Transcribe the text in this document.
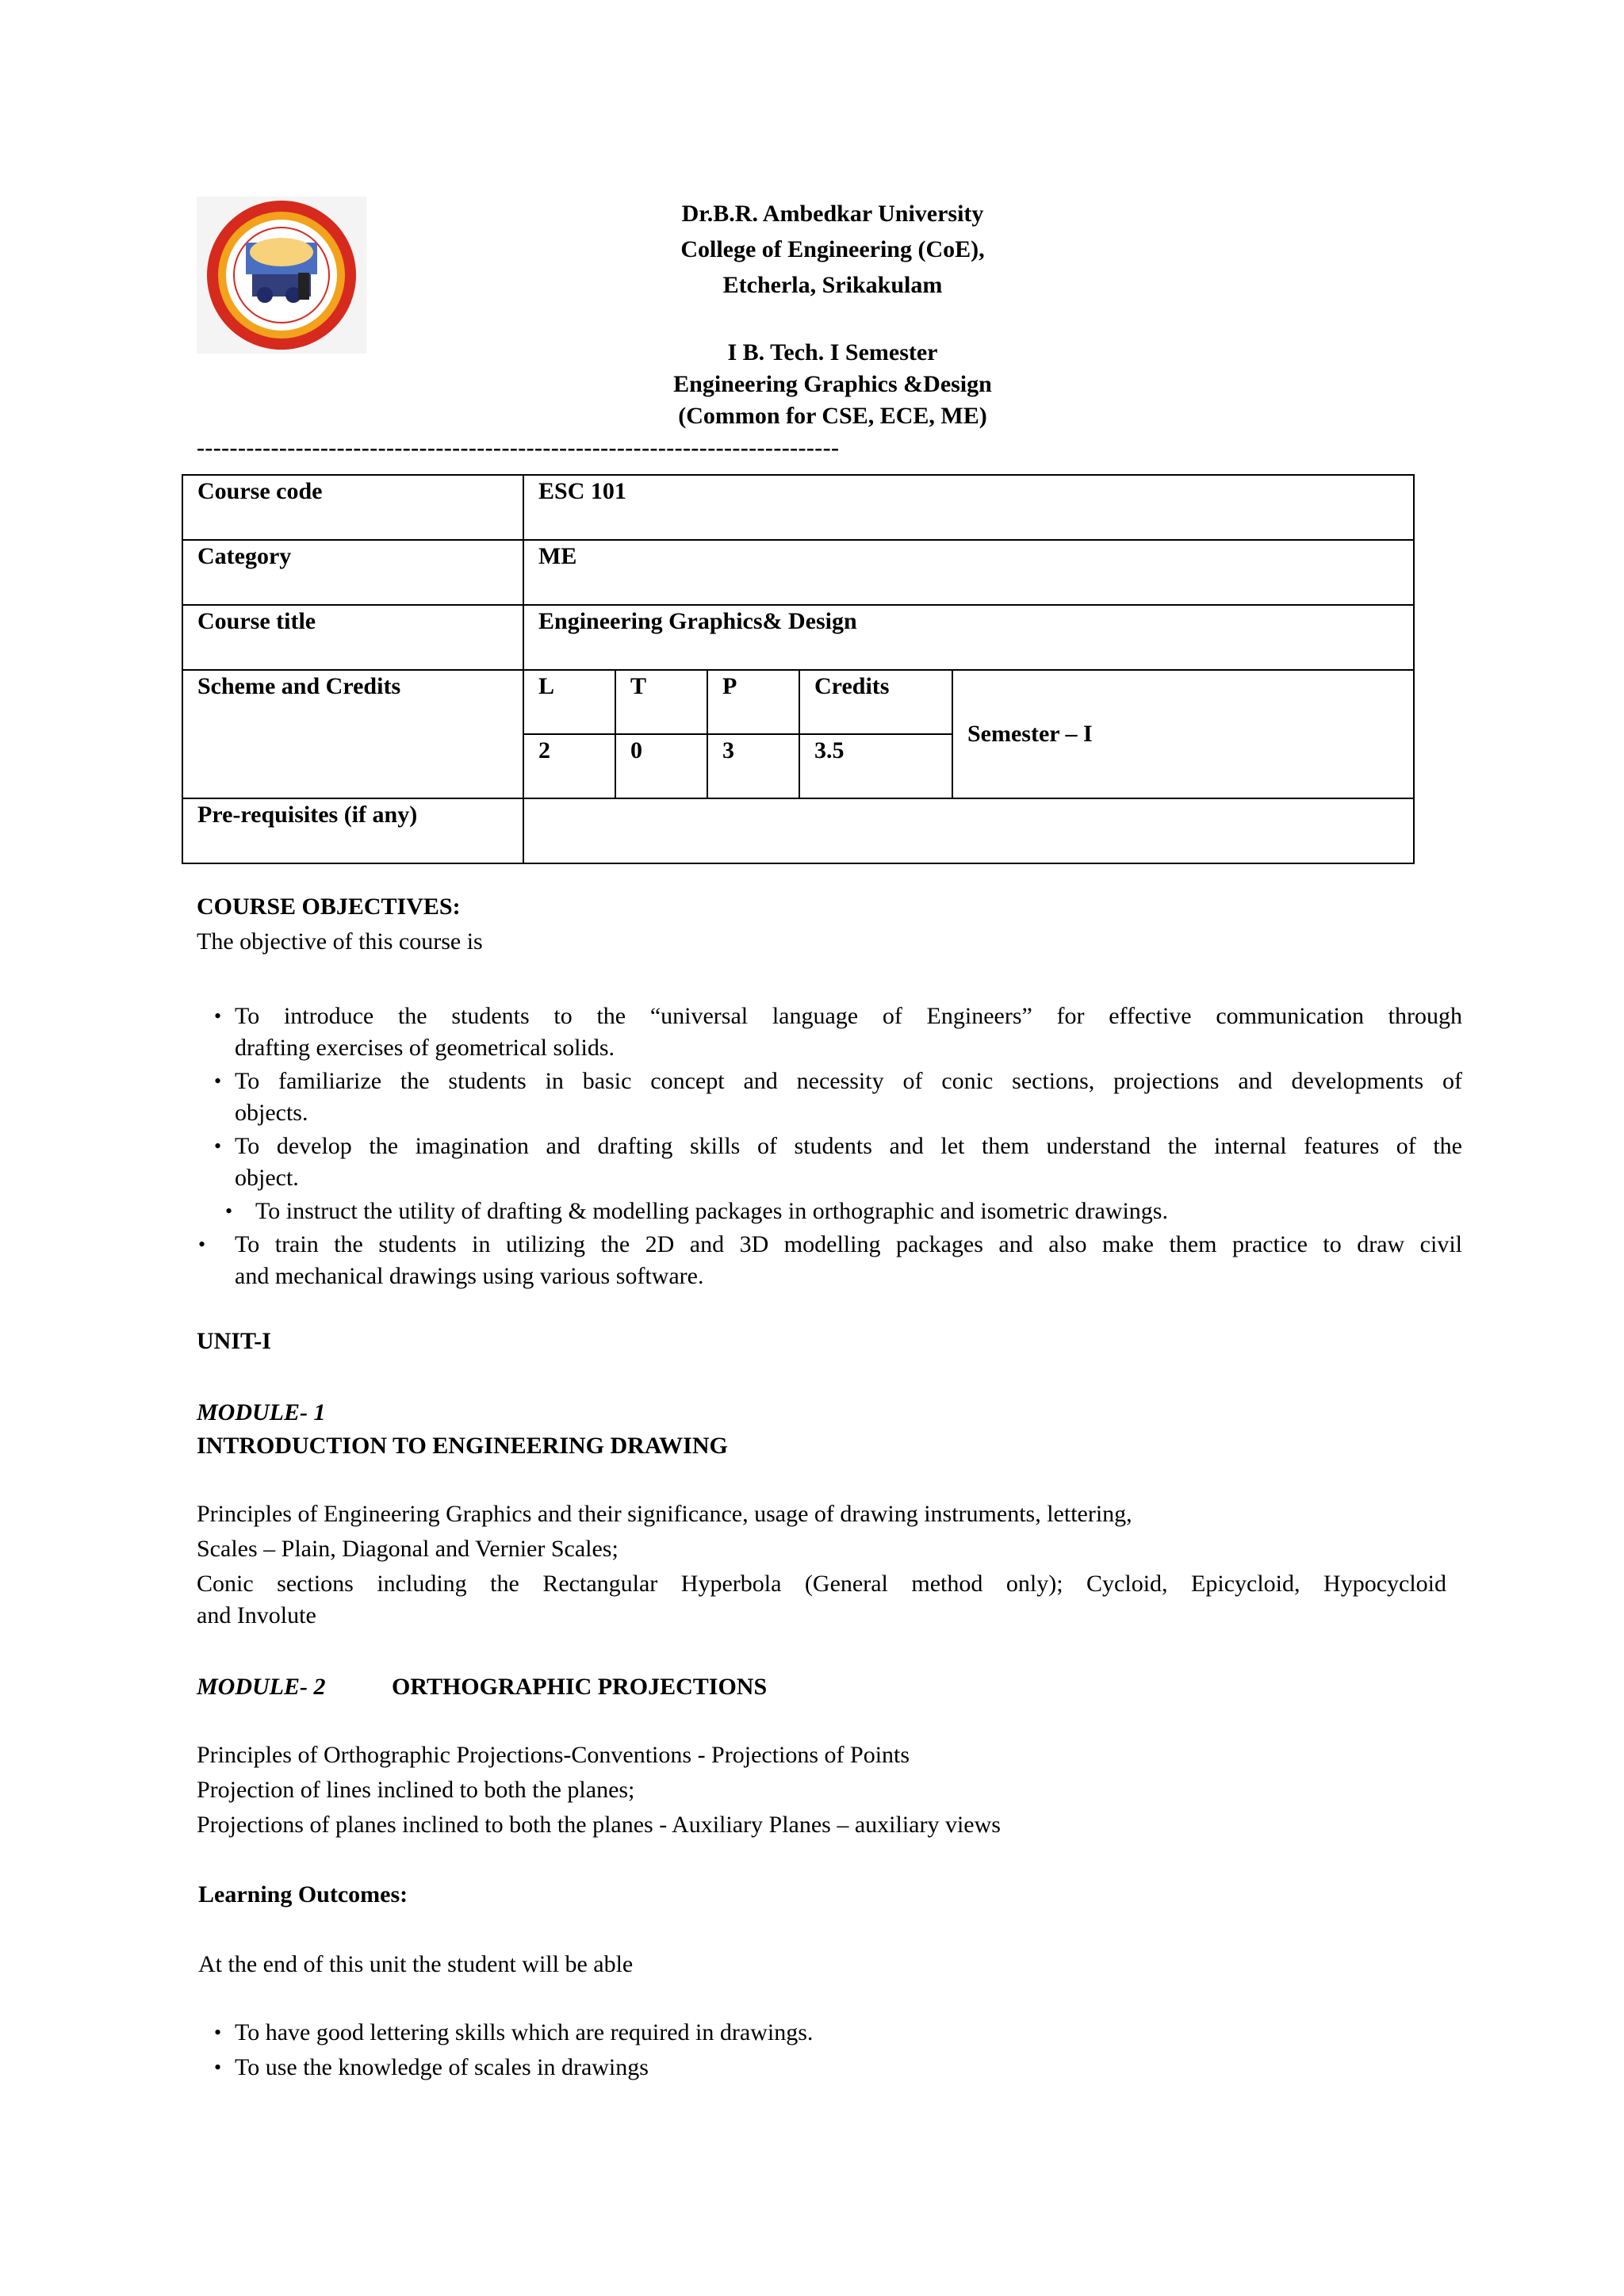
Dr.B.R. Ambedkar University
College of Engineering (CoE),
Etcherla, Srikakulam
I B. Tech. I Semester
Engineering Graphics &Design
(Common for CSE, ECE, ME)
------------------------------------------------------------------------------
Course code	ESC 101				
Category	ME				
Course title	Engineering Graphics& Design				
Scheme and Credits	L	T	P	Credits	Semester – I
	2	0	3	3.5	
Pre-requisites (if any)					
COURSE OBJECTIVES:
The objective of this course is
• To introduce the students to the “universal language of Engineers” for effective communication through
drafting exercises of geometrical solids.
• To familiarize the students in basic concept and necessity of conic sections, projections and developments of
objects.
• To develop the imagination and drafting skills of students and let them understand the internal features of the
object.
• To instruct the utility of drafting & modelling packages in orthographic and isometric drawings.
• To train the students in utilizing the 2D and 3D modelling packages and also make them practice to draw civil
and mechanical drawings using various software.
UNIT-I
MODULE- 1
INTRODUCTION TO ENGINEERING DRAWING
Principles of Engineering Graphics and their significance, usage of drawing instruments, lettering,
Scales – Plain, Diagonal and Vernier Scales;
Conic sections including the Rectangular Hyperbola (General method only); Cycloid, Epicycloid, Hypocycloid
and Involute
MODULE- 2	ORTHOGRAPHIC PROJECTIONS
Principles of Orthographic Projections-Conventions - Projections of Points
Projection of lines inclined to both the planes;
Projections of planes inclined to both the planes - Auxiliary Planes – auxiliary views
Learning Outcomes:
At the end of this unit the student will be able
• To have good lettering skills which are required in drawings.
• To use the knowledge of scales in drawings
